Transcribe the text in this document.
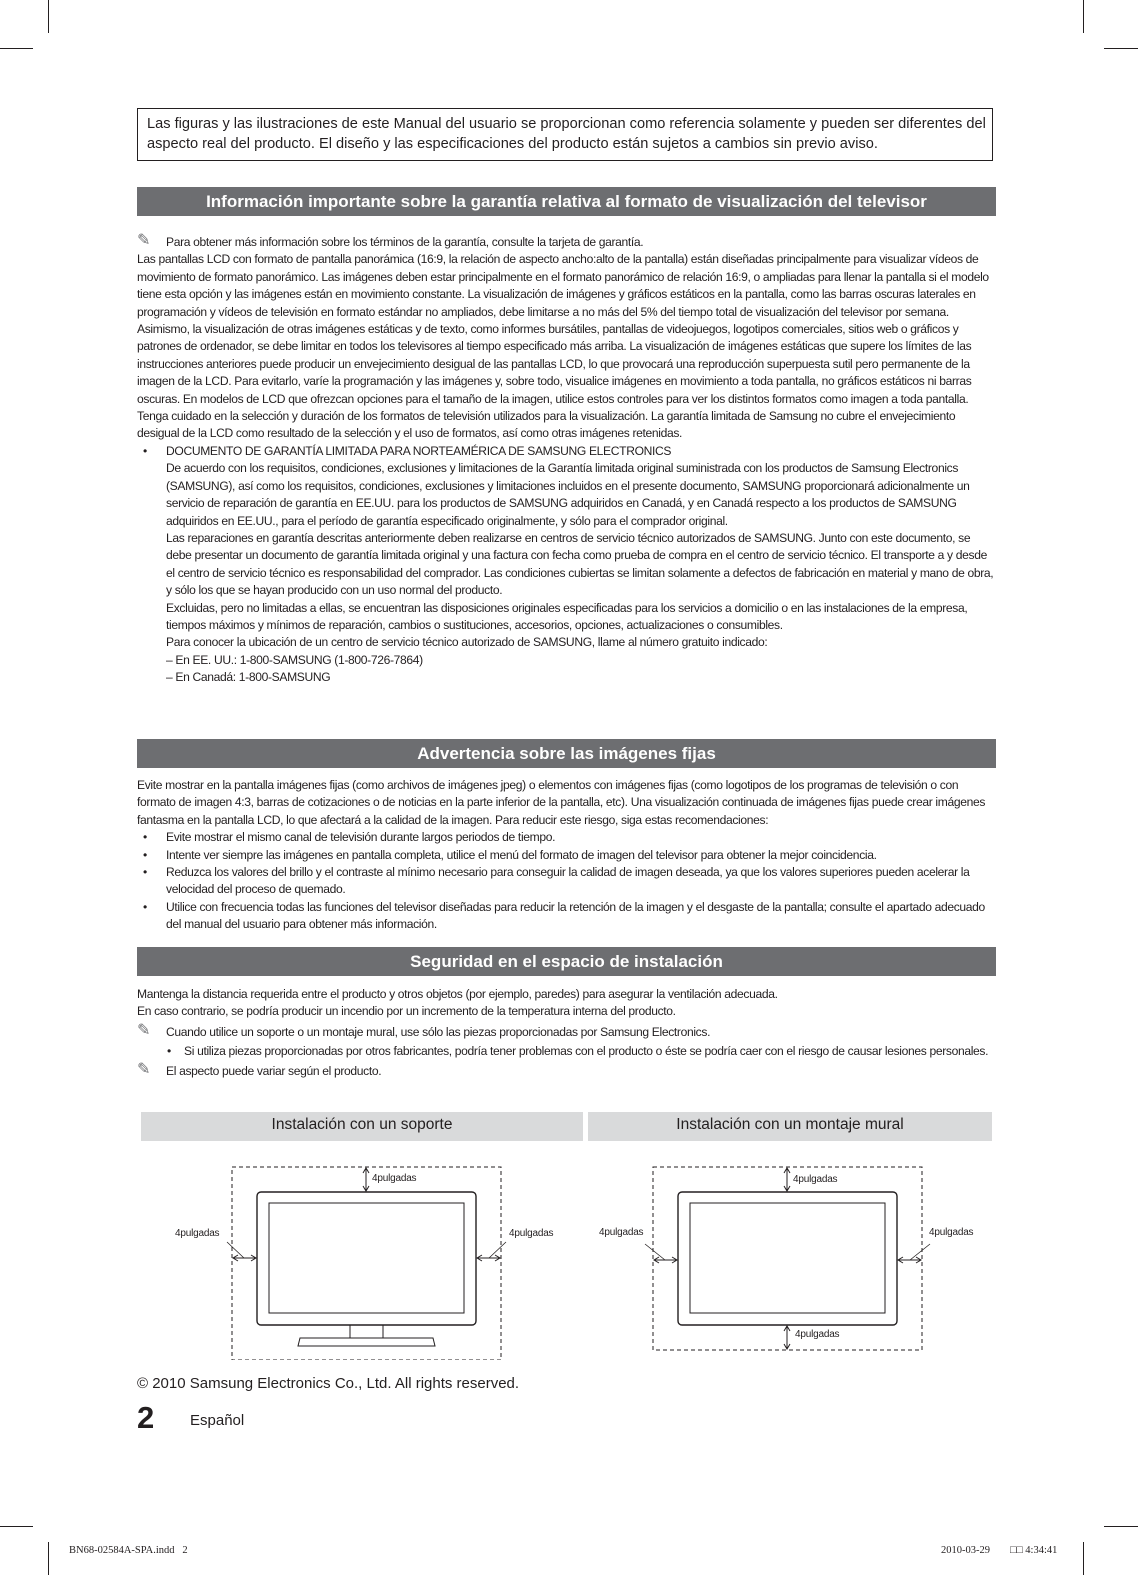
Las figuras y las ilustraciones de este Manual del usuario se proporcionan como referencia solamente y pueden ser diferentes del aspecto real del producto. El diseño y las especificaciones del producto están sujetos a cambios sin previo aviso.
Información importante sobre la garantía relativa al formato de visualización del televisor

✎ Para obtener más información sobre los términos de la garantía, consulte la tarjeta de garantía.

Las pantallas LCD con formato de pantalla panorámica (16:9, la relación de aspecto ancho:alto de la pantalla) están diseñadas principalmente para visualizar vídeos de movimiento de formato panorámico. Las imágenes deben estar principalmente en el formato panorámico de relación 16:9, o ampliadas para llenar la pantalla si el modelo tiene esta opción y las imágenes están en movimiento constante. La visualización de imágenes y gráficos estáticos en la pantalla, como las barras oscuras laterales en programación y vídeos de televisión en formato estándar no ampliados, debe limitarse a no más del 5% del tiempo total de visualización del televisor por semana.

Asimismo, la visualización de otras imágenes estáticas y de texto, como informes bursátiles, pantallas de videojuegos, logotipos comerciales, sitios web o gráficos y patrones de ordenador, se debe limitar en todos los televisores al tiempo especificado más arriba. La visualización de imágenes estáticas que supere los límites de las instrucciones anteriores puede producir un envejecimiento desigual de las pantallas LCD, lo que provocará una reproducción superpuesta sutil pero permanente de la imagen de la LCD. Para evitarlo, varíe la programación y las imágenes y, sobre todo, visualice imágenes en movimiento a toda pantalla, no gráficos estáticos ni barras oscuras. En modelos de LCD que ofrezcan opciones para el tamaño de la imagen, utilice estos controles para ver los distintos formatos como imagen a toda pantalla.

Tenga cuidado en la selección y duración de los formatos de televisión utilizados para la visualización. La garantía limitada de Samsung no cubre el envejecimiento desigual de la LCD como resultado de la selección y el uso de formatos, así como otras imágenes retenidas.

• DOCUMENTO DE GARANTÍA LIMITADA PARA NORTEAMÉRICA DE SAMSUNG ELECTRONICS

De acuerdo con los requisitos, condiciones, exclusiones y limitaciones de la Garantía limitada original suministrada con los productos de Samsung Electronics (SAMSUNG), así como los requisitos, condiciones, exclusiones y limitaciones incluidos en el presente documento, SAMSUNG proporcionará adicionalmente un servicio de reparación de garantía en EE.UU. para los productos de SAMSUNG adquiridos en Canadá, y en Canadá respecto a los productos de SAMSUNG adquiridos en EE.UU., para el período de garantía especificado originalmente, y sólo para el comprador original.

Las reparaciones en garantía descritas anteriormente deben realizarse en centros de servicio técnico autorizados de SAMSUNG. Junto con este documento, se debe presentar un documento de garantía limitada original y una factura con fecha como prueba de compra en el centro de servicio técnico. El transporte a y desde el centro de servicio técnico es responsabilidad del comprador. Las condiciones cubiertas se limitan solamente a defectos de fabricación en material y mano de obra, y sólo los que se hayan producido con un uso normal del producto.

Excluidas, pero no limitadas a ellas, se encuentran las disposiciones originales especificadas para los servicios a domicilio o en las instalaciones de la empresa, tiempos máximos y mínimos de reparación, cambios o sustituciones, accesorios, opciones, actualizaciones o consumibles.

Para conocer la ubicación de un centro de servicio técnico autorizado de SAMSUNG, llame al número gratuito indicado:

– En EE. UU.: 1-800-SAMSUNG (1-800-726-7864)

– En Canadá: 1-800-SAMSUNG

Advertencia sobre las imágenes fijas

Evite mostrar en la pantalla imágenes fijas (como archivos de imágenes jpeg) o elementos con imágenes fijas (como logotipos de los programas de televisión o con formato de imagen 4:3, barras de cotizaciones o de noticias en la parte inferior de la pantalla, etc). Una visualización continuada de imágenes fijas puede crear imágenes fantasma en la pantalla LCD, lo que afectará a la calidad de la imagen. Para reducir este riesgo, siga estas recomendaciones:

• Evite mostrar el mismo canal de televisión durante largos periodos de tiempo.
• Intente ver siempre las imágenes en pantalla completa, utilice el menú del formato de imagen del televisor para obtener la mejor coincidencia.
• Reduzca los valores del brillo y el contraste al mínimo necesario para conseguir la calidad de imagen deseada, ya que los valores superiores pueden acelerar la velocidad del proceso de quemado.
• Utilice con frecuencia todas las funciones del televisor diseñadas para reducir la retención de la imagen y el desgaste de la pantalla; consulte el apartado adecuado del manual del usuario para obtener más información.
Seguridad en el espacio de instalación

Mantenga la distancia requerida entre el producto y otros objetos (por ejemplo, paredes) para asegurar la ventilación adecuada.

En caso contrario, se podría producir un incendio por un incremento de la temperatura interna del producto.

✎ Cuando utilice un soporte o un montaje mural, use sólo las piezas proporcionadas por Samsung Electronics.

• Si utiliza piezas proporcionadas por otros fabricantes, podría tener problemas con el producto o éste se podría caer con el riesgo de causar lesiones personales.

✎ El aspecto puede variar según el producto.

Instalación con un soporte	Instalación con un montaje mural
4pulgadas
4pulgadas	4pulgadas
4pulgadas
4pulgadas	4pulgadas
4pulgadas
© 2010 Samsung Electronics Co., Ltd. All rights reserved.
2 Español
BN68-02584A-SPA.indd   2	2010-03-29 □□ 4:34:41
